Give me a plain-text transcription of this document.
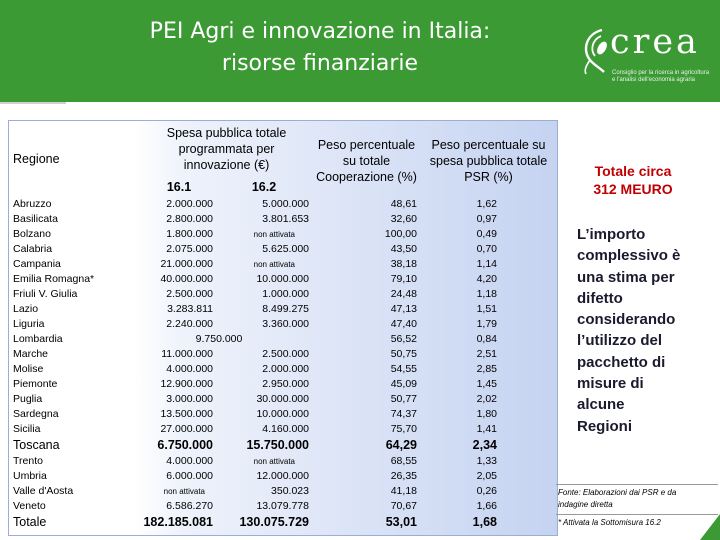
PEI Agri e innovazione in Italia:
risorse finanziarie
crea
Consiglio per la ricerca in agricoltura
e l'analisi dell'economia agraria
Regione
Spesa pubblica totale
programmata per
innovazione (€)
16.1	16.2
Peso percentuale
su totale
Cooperazione (%)
Peso percentuale su
spesa pubblica totale
PSR (%)
Abruzzo	2.000.000	5.000.000	48,61	1,62
Basilicata	2.800.000	3.801.653	32,60	0,97
Bolzano	1.800.000	non attivata	100,00	0,49
Calabria	2.075.000	5.625.000	43,50	0,70
Campania	21.000.000	non attivata	38,18	1,14
Emilia Romagna*	40.000.000	10.000.000	79,10	4,20
Friuli V. Giulia	2.500.000	1.000.000	24,48	1,18
Lazio	3.283.811	8.499.275	47,13	1,51
Liguria	2.240.000	3.360.000	47,40	1,79
Lombardia	9.750.000	56,52	0,84
Marche	11.000.000	2.500.000	50,75	2,51
Molise	4.000.000	2.000.000	54,55	2,85
Piemonte	12.900.000	2.950.000	45,09	1,45
Puglia	3.000.000	30.000.000	50,77	2,02
Sardegna	13.500.000	10.000.000	74,37	1,80
Sicilia	27.000.000	4.160.000	75,70	1,41
Toscana	6.750.000	15.750.000	64,29	2,34
Trento	4.000.000	non attivata	68,55	1,33
Umbria	6.000.000	12.000.000	26,35	2,05
Valle d'Aosta	non attivata	350.023	41,18	0,26
Veneto	6.586.270	13.079.778	70,67	1,66
Totale	182.185.081 130.075.729	53,01	1,68
Totale circa
312 MEURO
L’importo
complessivo è
una stima per
difetto
considerando
l’utilizzo del
pacchetto di
misure di
alcune
Regioni
Fonte: Elaborazioni dai PSR e da
indagine diretta
* Attivata la Sottomisura 16.2
